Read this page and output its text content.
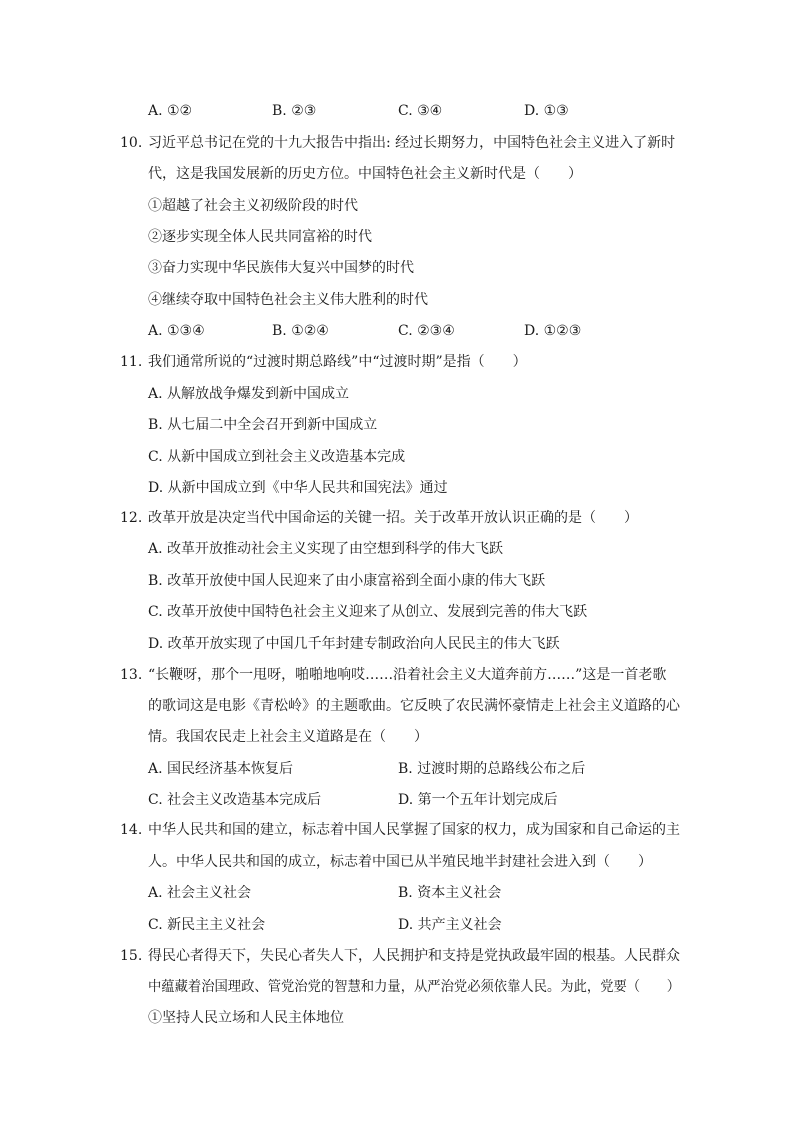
A. ①②	B. ②③	C. ③④	D. ①③
10. 习近平总书记在党的十九大报告中指出: 经过长期努力，中国特色社会主义进入了新时
代，这是我国发展新的历史方位。中国特色社会主义新时代是（　　）
①超越了社会主义初级阶段的时代
②逐步实现全体人民共同富裕的时代
③奋力实现中华民族伟大复兴中国梦的时代
④继续夺取中国特色社会主义伟大胜利的时代
A. ①③④	B. ①②④	C. ②③④	D. ①②③
11. 我们通常所说的“过渡时期总路线”中“过渡时期”是指（　　）
A. 从解放战争爆发到新中国成立
B. 从七届二中全会召开到新中国成立
C. 从新中国成立到社会主义改造基本完成
D. 从新中国成立到《中华人民共和国宪法》通过
12. 改革开放是决定当代中国命运的关键一招。关于改革开放认识正确的是（　　）
A. 改革开放推动社会主义实现了由空想到科学的伟大飞跃
B. 改革开放使中国人民迎来了由小康富裕到全面小康的伟大飞跃
C. 改革开放使中国特色社会主义迎来了从创立、发展到完善的伟大飞跃
D. 改革开放实现了中国几千年封建专制政治向人民民主的伟大飞跃
13. “长鞭呀，那个一甩呀，啪啪地响哎……沿着社会主义大道奔前方……”这是一首老歌
的歌词这是电影《青松岭》的主题歌曲。它反映了农民满怀豪情走上社会主义道路的心
情。我国农民走上社会主义道路是在（　　）
A. 国民经济基本恢复后	B. 过渡时期的总路线公布之后
C. 社会主义改造基本完成后	D. 第一个五年计划完成后
14. 中华人民共和国的建立，标志着中国人民掌握了国家的权力，成为国家和自己命运的主
人。中华人民共和国的成立，标志着中国已从半殖民地半封建社会进入到（　　）
A. 社会主义社会	B. 资本主义社会
C. 新民主主义社会	D. 共产主义社会
15. 得民心者得天下，失民心者失人下，人民拥护和支持是党执政最牢固的根基。人民群众
中蕴藏着治国理政、管党治党的智慧和力量，从严治党必须依靠人民。为此，党要（　　）
①坚持人民立场和人民主体地位
